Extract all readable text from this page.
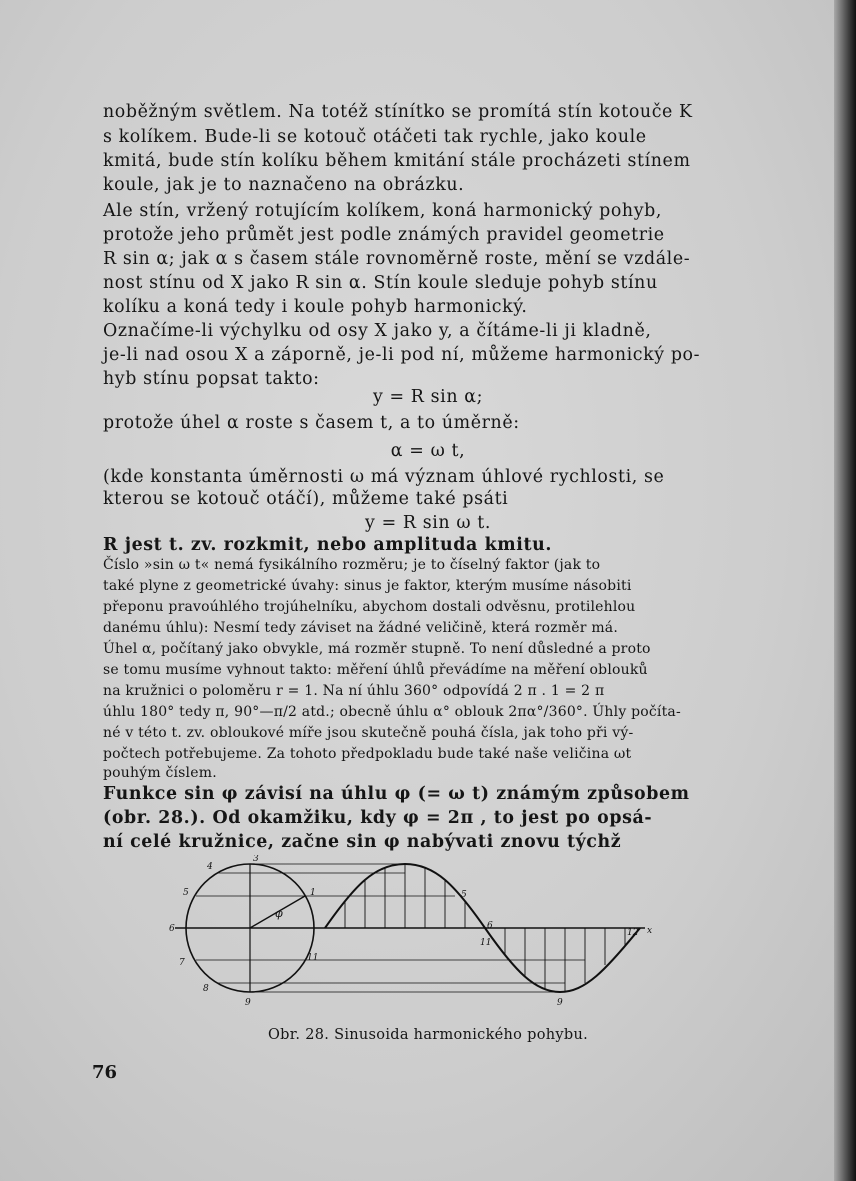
noběžným světlem. Na totéž stínítko se promítá stín kotouče K
s kolíkem. Bude-li se kotouč otáčeti tak rychle, jako koule
kmitá, bude stín kolíku během kmitání stále procházeti stínem
koule, jak je to naznačeno na obrázku.
Ale stín, vržený rotujícím kolíkem, koná harmonický pohyb,
protože jeho průmět jest podle známých pravidel geometrie
R sin α; jak α s časem stále rovnoměrně roste, mění se vzdále-
nost stínu od X jako R sin α. Stín koule sleduje pohyb stínu
kolíku a koná tedy i koule pohyb harmonický.
Označíme-li výchylku od osy X jako y, a čítáme-li ji kladně,
je-li nad osou X a záporně, je-li pod ní, můžeme harmonický po-
hyb stínu popsat takto:
y = R sin α;
protože úhel α roste s časem t, a to úměrně:
α = ω t,
(kde konstanta úměrnosti ω má význam úhlové rychlosti, se
kterou se kotouč otáčí), můžeme také psáti
y = R sin ω t.
R jest t. zv. rozkmit, nebo amplituda kmitu.
Číslo »sin ω t« nemá fysikálního rozměru; je to číselný faktor (jak to
také plyne z geometrické úvahy: sinus je faktor, kterým musíme násobiti
přeponu pravoúhlého trojúhelníku, abychom dostali odvěsnu, protilehlou
danému úhlu): Nesmí tedy záviset na žádné veličině, která rozměr má.
Úhel α, počítaný jako obvykle, má rozměr stupně. To není důsledné a proto
se tomu musíme vyhnout takto: měření úhlů převádíme na měření oblouků
na kružnici o poloměru r = 1. Na ní úhlu 360° odpovídá 2 π . 1 = 2 π
úhlu 180° tedy π, 90°—π/2 atd.; obecně úhlu α° oblouk 2πα°/360°. Úhly počíta-
né v této t. zv. obloukové míře jsou skutečně pouhá čísla, jak toho při vý-
počtech potřebujeme. Za tohoto předpokladu bude také naše veličina ωt
pouhým číslem.
Funkce sin φ závisí na úhlu φ (= ω t) známým způsobem
(obr. 28.). Od okamžiku, kdy φ = 2π , to jest po opsá-
ní celé kružnice, začne sin φ nabývati znovu týchž
4
3
5
6
7
8
9
11
1
φ
5
6
11
9
12 x
Obr. 28. Sinusoida harmonického pohybu.
76
